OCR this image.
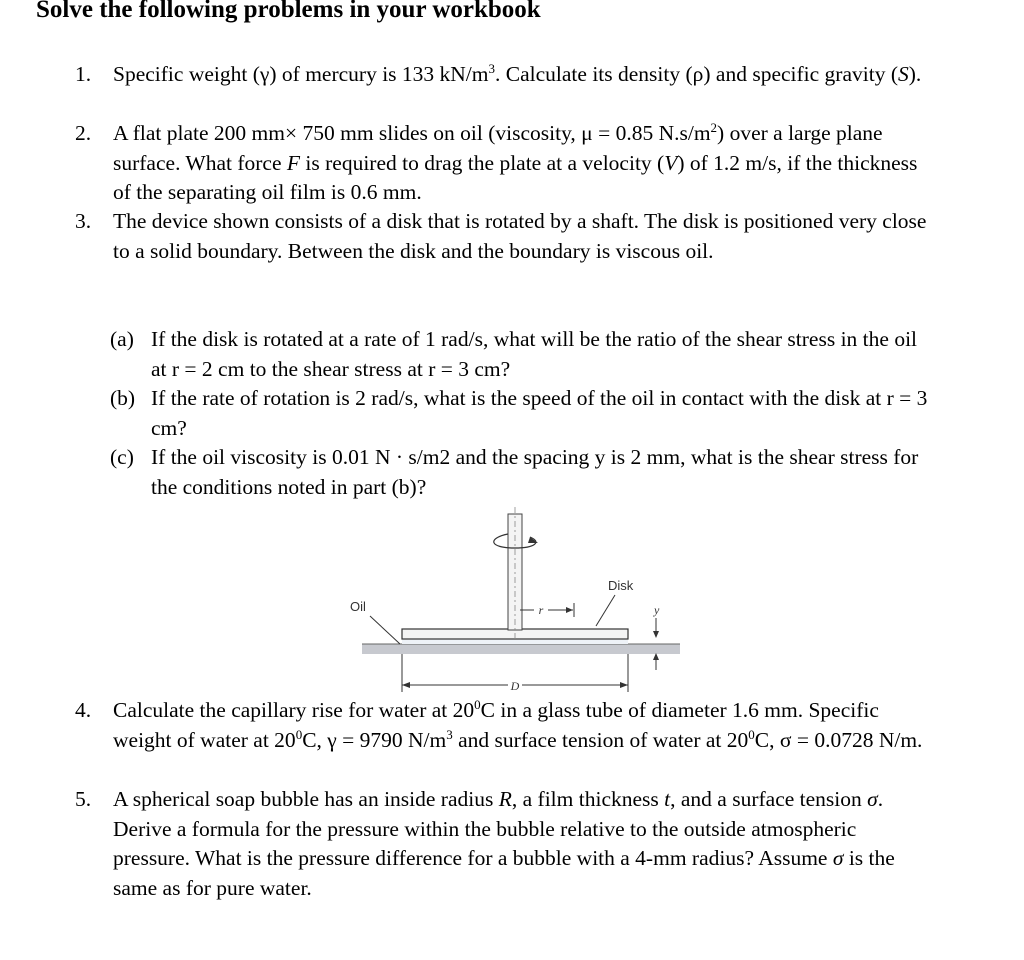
Solve the following problems in your workbook
1.	Specific weight (γ) of mercury is 133 $kN/m^3$. Calculate its density (ρ) and specific gravity (S).
2.	A flat plate 200 mm× 750 mm slides on oil (viscosity, μ = 0.85 $N.s/m^2$) over a large plane surface. What force F is required to drag the plate at a velocity (V) of 1.2 m/s, if the thickness of the separating oil film is 0.6 mm.
3.	The device shown consists of a disk that is rotated by a shaft. The disk is positioned very close to a solid boundary. Between the disk and the boundary is viscous oil.
(a) If the disk is rotated at a rate of 1 rad/s, what will be the ratio of the shear stress in the oil at r = 2 cm to the shear stress at r = 3 cm?
(b) If the rate of rotation is 2 rad/s, what is the speed of the oil in contact with the disk at r = 3 cm?
(c) If the oil viscosity is 0.01 N · s/m2 and the spacing y is 2 mm, what is the shear stress for the conditions noted in part (b)?
r
Disk
Oil	y
D
4.	Calculate the capillary rise for water at $20^0C$ in a glass tube of diameter 1.6 mm. Specific weight of water at $20^0C$, γ = 9790 $N/m^3$ and surface tension of water at $20^0C$, σ = 0.0728 N/m.
5.	A spherical soap bubble has an inside radius R, a film thickness t, and a surface tension σ. Derive a formula for the pressure within the bubble relative to the outside atmospheric pressure. What is the pressure difference for a bubble with a 4-mm radius? Assume σ is the same as for pure water.
